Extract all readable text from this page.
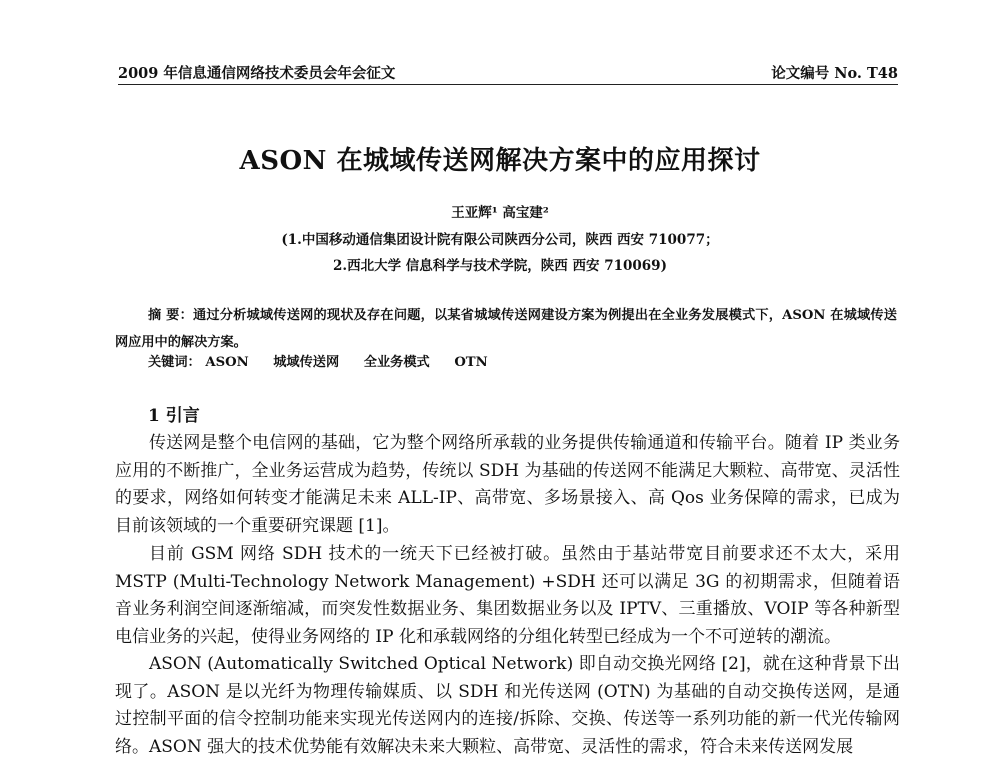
2009 年信息通信网络技术委员会年会征文	论文编号 No. T48
ASON 在城域传送网解决方案中的应用探讨
王亚辉¹ 高宝建²
(1.中国移动通信集团设计院有限公司陕西分公司，陕西 西安 710077；
2.西北大学 信息科学与技术学院，陕西 西安 710069)

摘 要：通过分析城域传送网的现状及存在问题，以某省城域传送网建设方案为例提出在全业务发展模式下，ASON 在城域传送网应用中的解决方案。

关键词： ASON 城域传送网 全业务模式 OTN
1 引言

传送网是整个电信网的基础，它为整个网络所承载的业务提供传输通道和传输平台。随着 IP 类业务应用的不断推广，全业务运营成为趋势，传统以 SDH 为基础的传送网不能满足大颗粒、高带宽、灵活性的要求，网络如何转变才能满足未来 ALL-IP、高带宽、多场景接入、高 Qos 业务保障的需求，已成为目前该领域的一个重要研究课题 [1]。

目前 GSM 网络 SDH 技术的一统天下已经被打破。虽然由于基站带宽目前要求还不太大，采用 MSTP (Multi-Technology Network Management) +SDH 还可以满足 3G 的初期需求，但随着语音业务利润空间逐渐缩减，而突发性数据业务、集团数据业务以及 IPTV、三重播放、VOIP 等各种新型电信业务的兴起，使得业务网络的 IP 化和承载网络的分组化转型已经成为一个不可逆转的潮流。

ASON (Automatically Switched Optical Network) 即自动交换光网络 [2]，就在这种背景下出现了。ASON 是以光纤为物理传输媒质、以 SDH 和光传送网 (OTN) 为基础的自动交换传送网，是通过控制平面的信令控制功能来实现光传送网内的连接/拆除、交换、传送等一系列功能的新一代光传输网络。ASON 强大的技术优势能有效解决未来大颗粒、高带宽、灵活性的需求，符合未来传送网发展
